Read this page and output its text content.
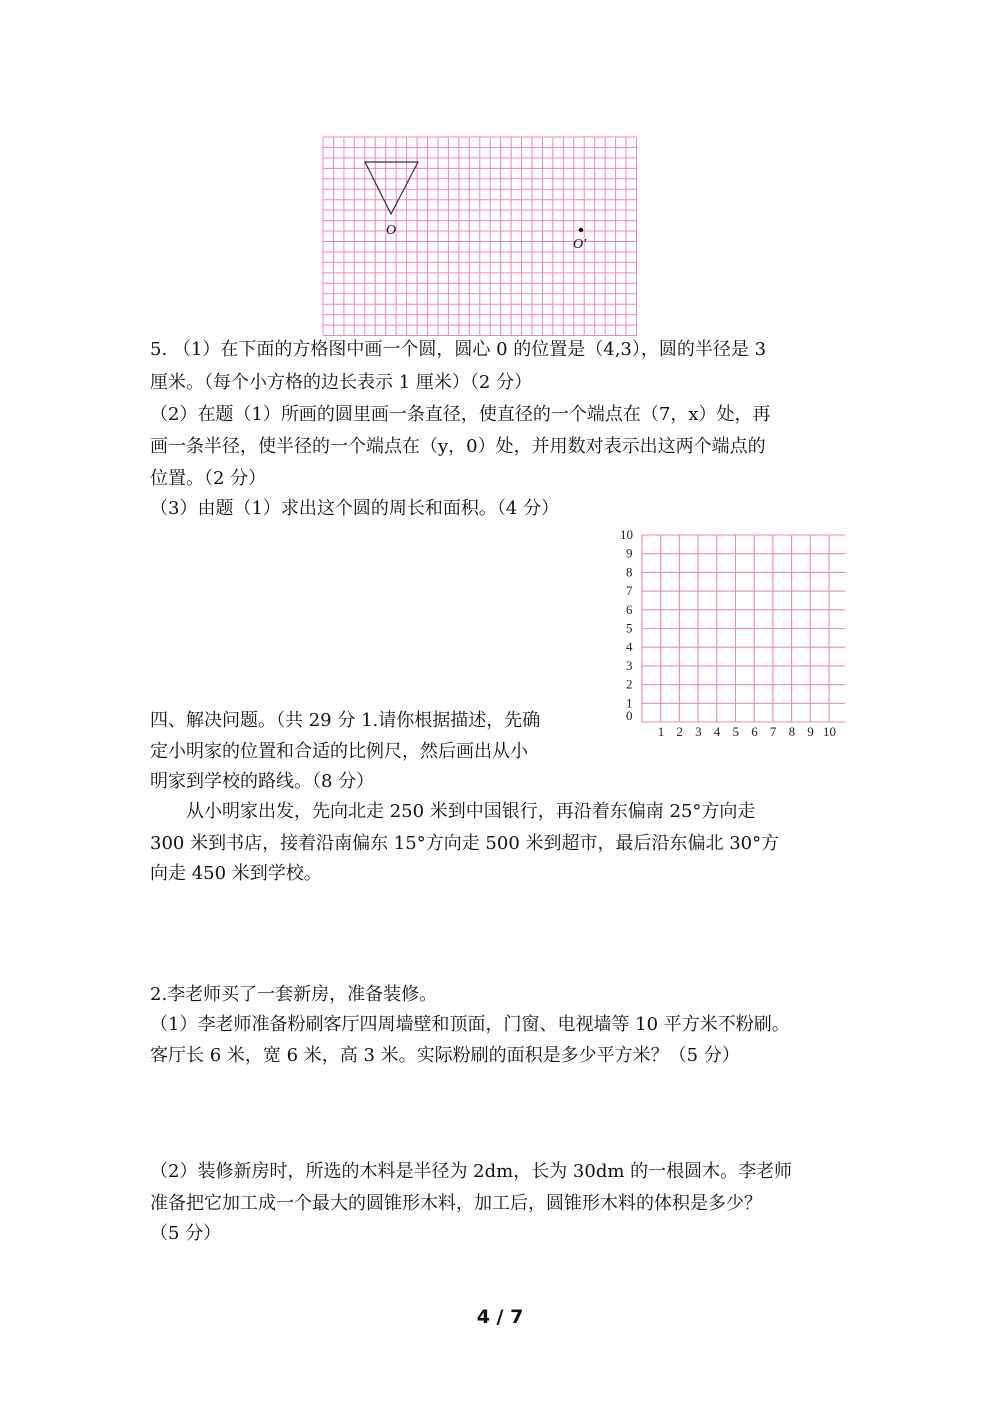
O
O′
5. （1）在下面的方格图中画一个圆，圆心 0 的位置是（4,3），圆的半径是 3
厘米。（每个小方格的边长表示 1 厘米）（2 分）
（2）在题（1）所画的圆里画一条直径，使直径的一个端点在（7，x）处，再
画一条半径，使半径的一个端点在（y，0）处，并用数对表示出这两个端点的
位置。（2 分）
（3）由题（1）求出这个圆的周长和面积。（4 分）
0
1
2
3
4
5
6
7
8
9
10
1 2 3 4 5 6 7 8 9 10
四、解决问题。（共 29 分 1.请你根据描述，先确
定小明家的位置和合适的比例尺，然后画出从小
明家到学校的路线。（8 分）
从小明家出发，先向北走 250 米到中国银行，再沿着东偏南 25°方向走
300 米到书店，接着沿南偏东 15°方向走 500 米到超市，最后沿东偏北 30°方
向走 450 米到学校。
2.李老师买了一套新房，准备装修。
（1）李老师准备粉刷客厅四周墙壁和顶面，门窗、电视墙等 10 平方米不粉刷。
客厅长 6 米，宽 6 米，高 3 米。实际粉刷的面积是多少平方米？（5 分）
（2）装修新房时，所选的木料是半径为 2dm，长为 30dm 的一根圆木。李老师
准备把它加工成一个最大的圆锥形木料，加工后，圆锥形木料的体积是多少？
（5 分）
4 / 7
